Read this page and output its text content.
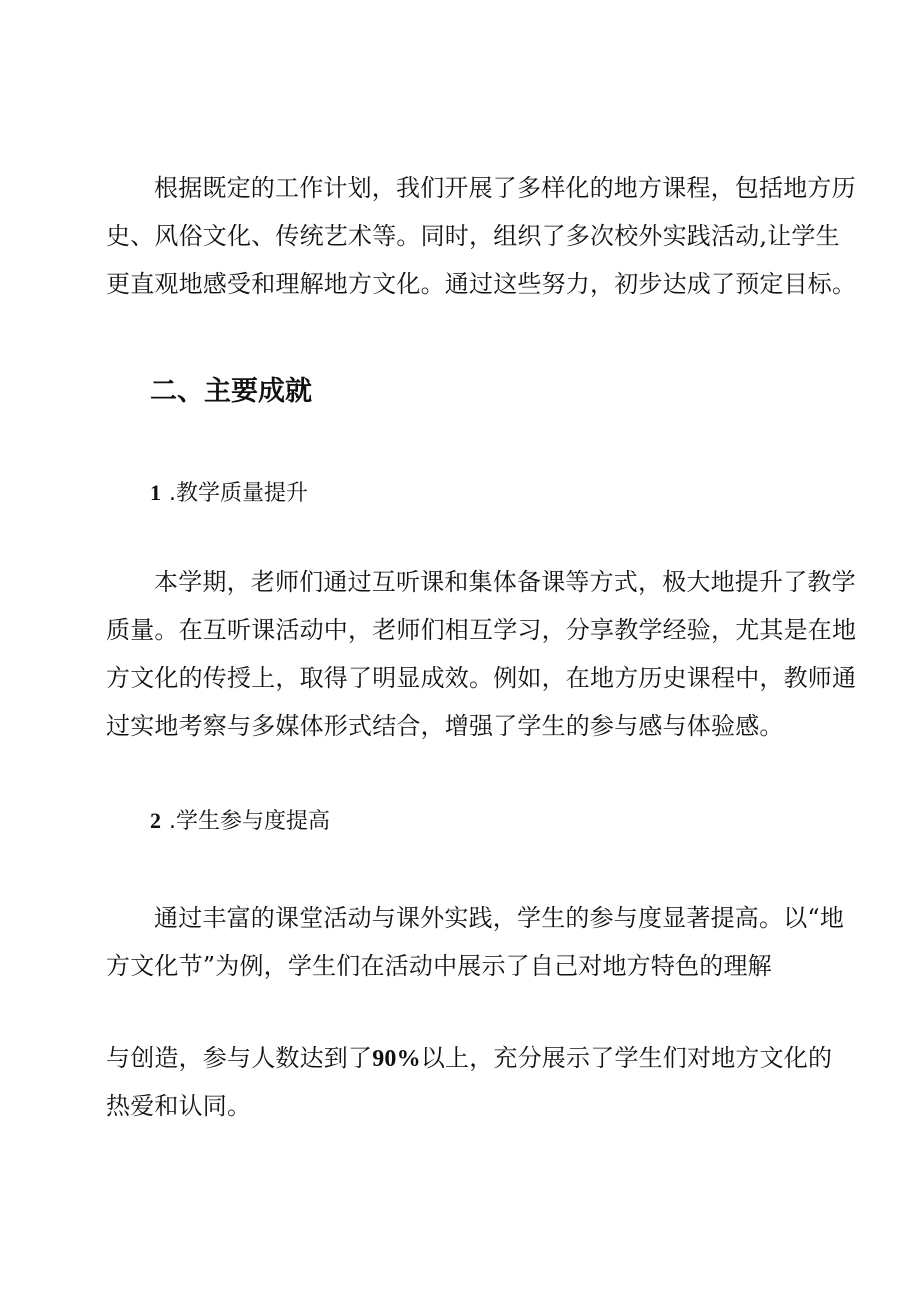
根据既定的工作计划，我们开展了多样化的地方课程，包括地方历
史、风俗文化、传统艺术等。同时，组织了多次校外实践活动,让学生
更直观地感受和理解地方文化。通过这些努力，初步达成了预定目标。
二、主要成就
1 .教学质量提升
本学期，老师们通过互听课和集体备课等方式，极大地提升了教学
质量。在互听课活动中，老师们相互学习，分享教学经验，尤其是在地
方文化的传授上，取得了明显成效。例如，在地方历史课程中，教师通
过实地考察与多媒体形式结合，增强了学生的参与感与体验感。
2 .学生参与度提高
通过丰富的课堂活动与课外实践，学生的参与度显著提高。以“地
方文化节”为例，学生们在活动中展示了自己对地方特色的理解
与创造，参与人数达到了90%以上，充分展示了学生们对地方文化的
热爱和认同。
